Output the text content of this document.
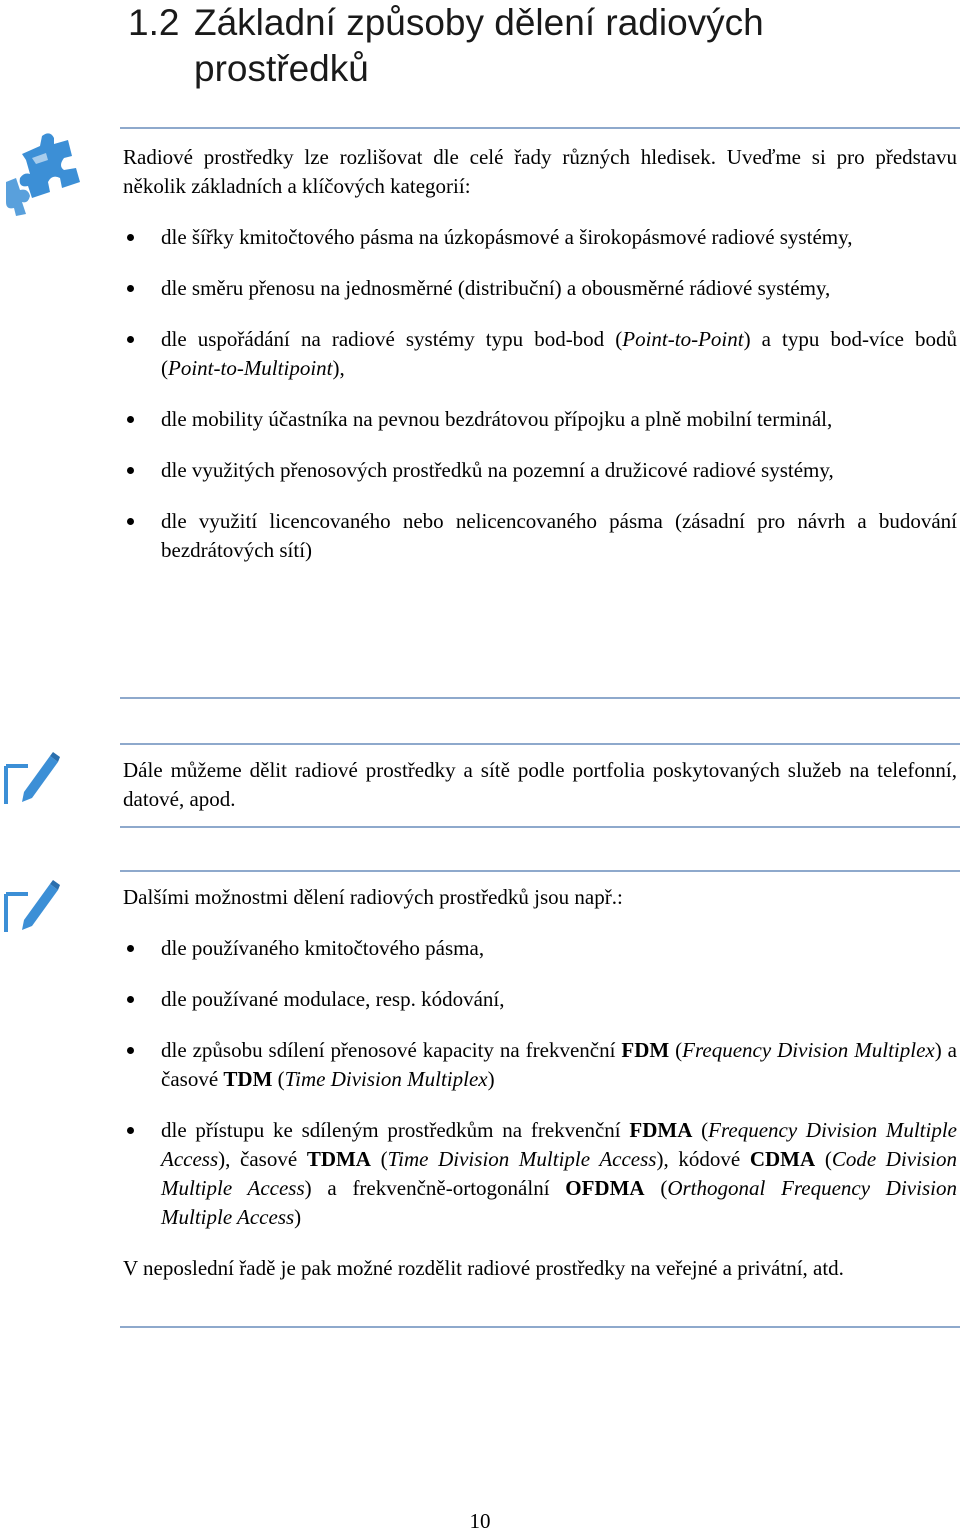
1.2 Základní způsoby dělení radiových
prostředků

Radiové prostředky lze rozlišovat dle celé řady různých hledisek. Uveďme si pro představu několik základních a klíčových kategorií:

dle šířky kmitočtového pásma na úzkopásmové a širokopásmové radiové systémy,
dle směru přenosu na jednosměrné (distribuční) a obousměrné rádiové systémy,
dle uspořádání na radiové systémy typu bod-bod (Point-to-Point) a typu bod-více bodů (Point-to-Multipoint),
dle mobility účastníka na pevnou bezdrátovou přípojku a plně mobilní terminál,
dle využitých přenosových prostředků na pozemní a družicové radiové systémy,
dle využití licencovaného nebo nelicencovaného pásma (zásadní pro návrh a budování bezdrátových sítí)

Dále můžeme dělit radiové prostředky a sítě podle portfolia poskytovaných služeb na telefonní, datové, apod.

Dalšími možnostmi dělení radiových prostředků jsou např.:

dle používaného kmitočtového pásma,
dle používané modulace, resp. kódování,
dle způsobu sdílení přenosové kapacity na frekvenční FDM (Frequency Division Multiplex) a časové TDM (Time Division Multiplex)
dle přístupu ke sdíleným prostředkům na frekvenční FDMA (Frequency Division Multiple Access), časové TDMA (Time Division Multiple Access), kódové CDMA (Code Division Multiple Access) a frekvenčně-ortogonální OFDMA (Orthogonal Frequency Division Multiple Access)

V neposlední řadě je pak možné rozdělit radiové prostředky na veřejné a privátní, atd.

10
